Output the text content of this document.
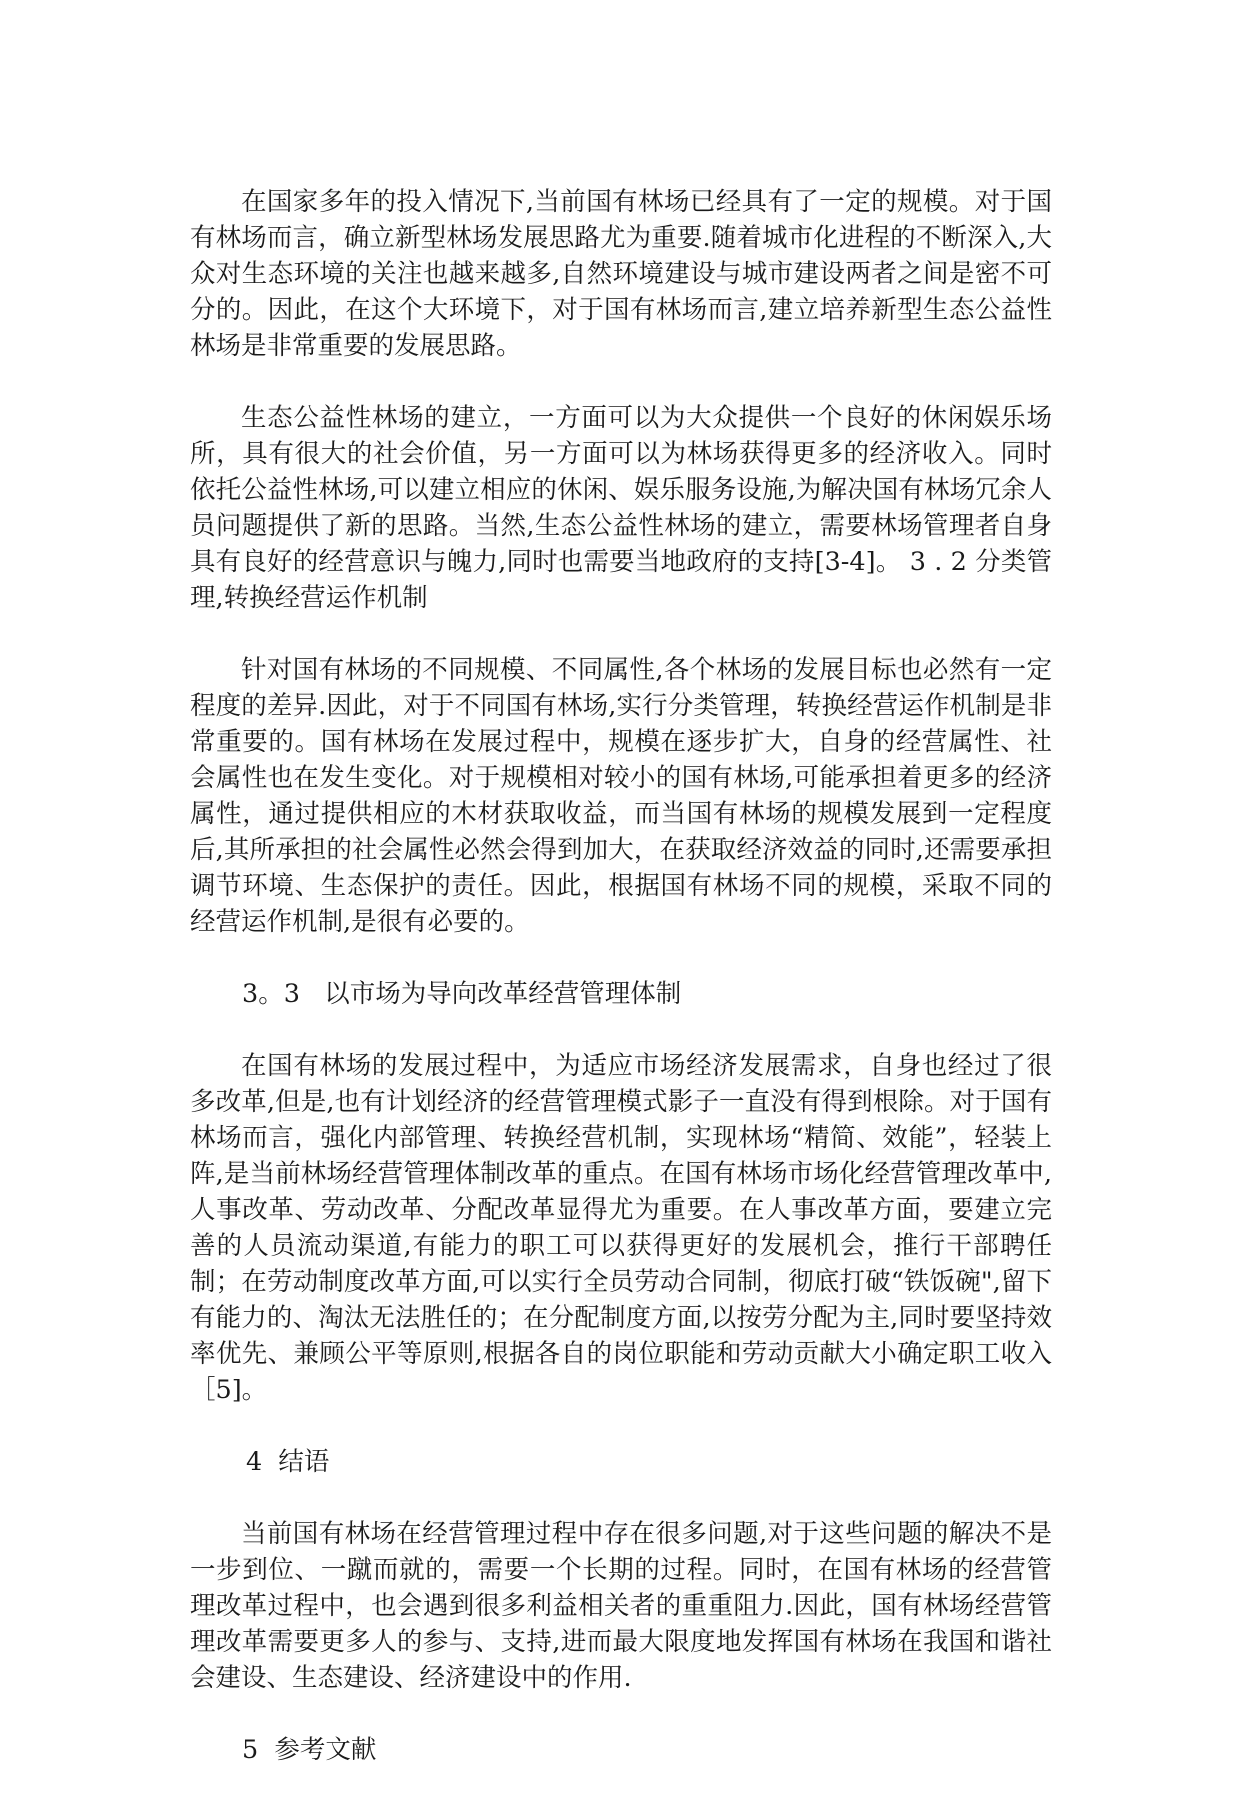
在国家多年的投入情况下,当前国有林场已经具有了一定的规模。对于国有林场而言，确立新型林场发展思路尤为重要.随着城市化进程的不断深入,大众对生态环境的关注也越来越多,自然环境建设与城市建设两者之间是密不可分的。因此，在这个大环境下，对于国有林场而言,建立培养新型生态公益性林场是非常重要的发展思路。

生态公益性林场的建立，一方面可以为大众提供一个良好的休闲娱乐场所，具有很大的社会价值，另一方面可以为林场获得更多的经济收入。同时依托公益性林场,可以建立相应的休闲、娱乐服务设施,为解决国有林场冗余人员问题提供了新的思路。当然,生态公益性林场的建立，需要林场管理者自身具有良好的经营意识与魄力,同时也需要当地政府的支持[3-4]。 3 . 2 分类管理,转换经营运作机制

针对国有林场的不同规模、不同属性,各个林场的发展目标也必然有一定程度的差异.因此，对于不同国有林场,实行分类管理，转换经营运作机制是非常重要的。国有林场在发展过程中，规模在逐步扩大，自身的经营属性、社会属性也在发生变化。对于规模相对较小的国有林场,可能承担着更多的经济属性，通过提供相应的木材获取收益，而当国有林场的规模发展到一定程度后,其所承担的社会属性必然会得到加大，在获取经济效益的同时,还需要承担调节环境、生态保护的责任。因此，根据国有林场不同的规模，采取不同的经营运作机制,是很有必要的。

3。3   以市场为导向改革经营管理体制

在国有林场的发展过程中，为适应市场经济发展需求，自身也经过了很多改革,但是,也有计划经济的经营管理模式影子一直没有得到根除。对于国有林场而言，强化内部管理、转换经营机制，实现林场“精简、效能”，轻装上阵,是当前林场经营管理体制改革的重点。在国有林场市场化经营管理改革中,人事改革、劳动改革、分配改革显得尤为重要。在人事改革方面，要建立完善的人员流动渠道,有能力的职工可以获得更好的发展机会，推行干部聘任制；在劳动制度改革方面,可以实行全员劳动合同制，彻底打破“铁饭碗",留下有能力的、淘汰无法胜任的；在分配制度方面,以按劳分配为主,同时要坚持效率优先、兼顾公平等原则,根据各自的岗位职能和劳动贡献大小确定职工收入［5]。

4  结语

当前国有林场在经营管理过程中存在很多问题,对于这些问题的解决不是一步到位、一蹴而就的，需要一个长期的过程。同时，在国有林场的经营管理改革过程中，也会遇到很多利益相关者的重重阻力.因此，国有林场经营管理改革需要更多人的参与、支持,进而最大限度地发挥国有林场在我国和谐社会建设、生态建设、经济建设中的作用.

5  参考文献
